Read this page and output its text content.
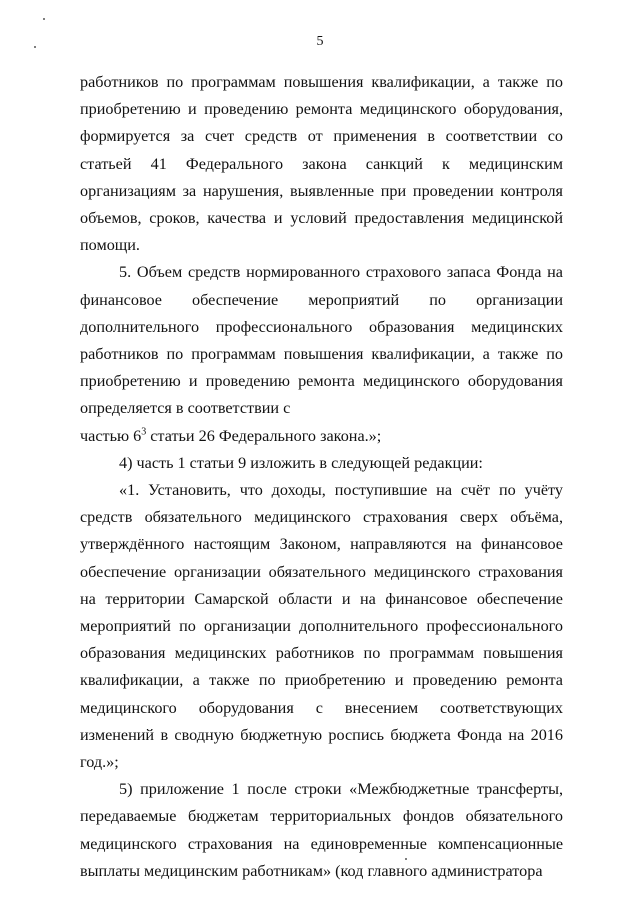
5

работников по программам повышения квалификации, а также по приобретению и проведению ремонта медицинского оборудования, формируется за счет средств от применения в соответствии со статьей 41 Федерального закона санкций к медицинским организациям за нарушения, выявленные при проведении контроля объемов, сроков, качества и условий предоставления медицинской помощи.

5. Объем средств нормированного страхового запаса Фонда на финансовое обеспечение мероприятий по организации дополнительного профессионального образования медицинских работников по программам повышения квалификации, а также по приобретению и проведению ремонта медицинского оборудования определяется в соответствии с

частью $6^3$ статьи 26 Федерального закона.»;

4) часть 1 статьи 9 изложить в следующей редакции:

«1. Установить, что доходы, поступившие на счёт по учёту средств обязательного медицинского страхования сверх объёма, утверждённого настоящим Законом, направляются на финансовое обеспечение организации обязательного медицинского страхования на территории Самарской области и на финансовое обеспечение мероприятий по организации дополнительного профессионального образования медицинских работников по программам повышения квалификации, а также по приобретению и проведению ремонта медицинского оборудования с внесением соответствующих изменений в сводную бюджетную роспись бюджета Фонда на 2016 год.»;

5) приложение 1 после строки «Межбюджетные трансферты, передаваемые бюджетам территориальных фондов обязательного медицинского страхования на единовременные компенсационные выплаты медицинским работникам» (код главного администратора
